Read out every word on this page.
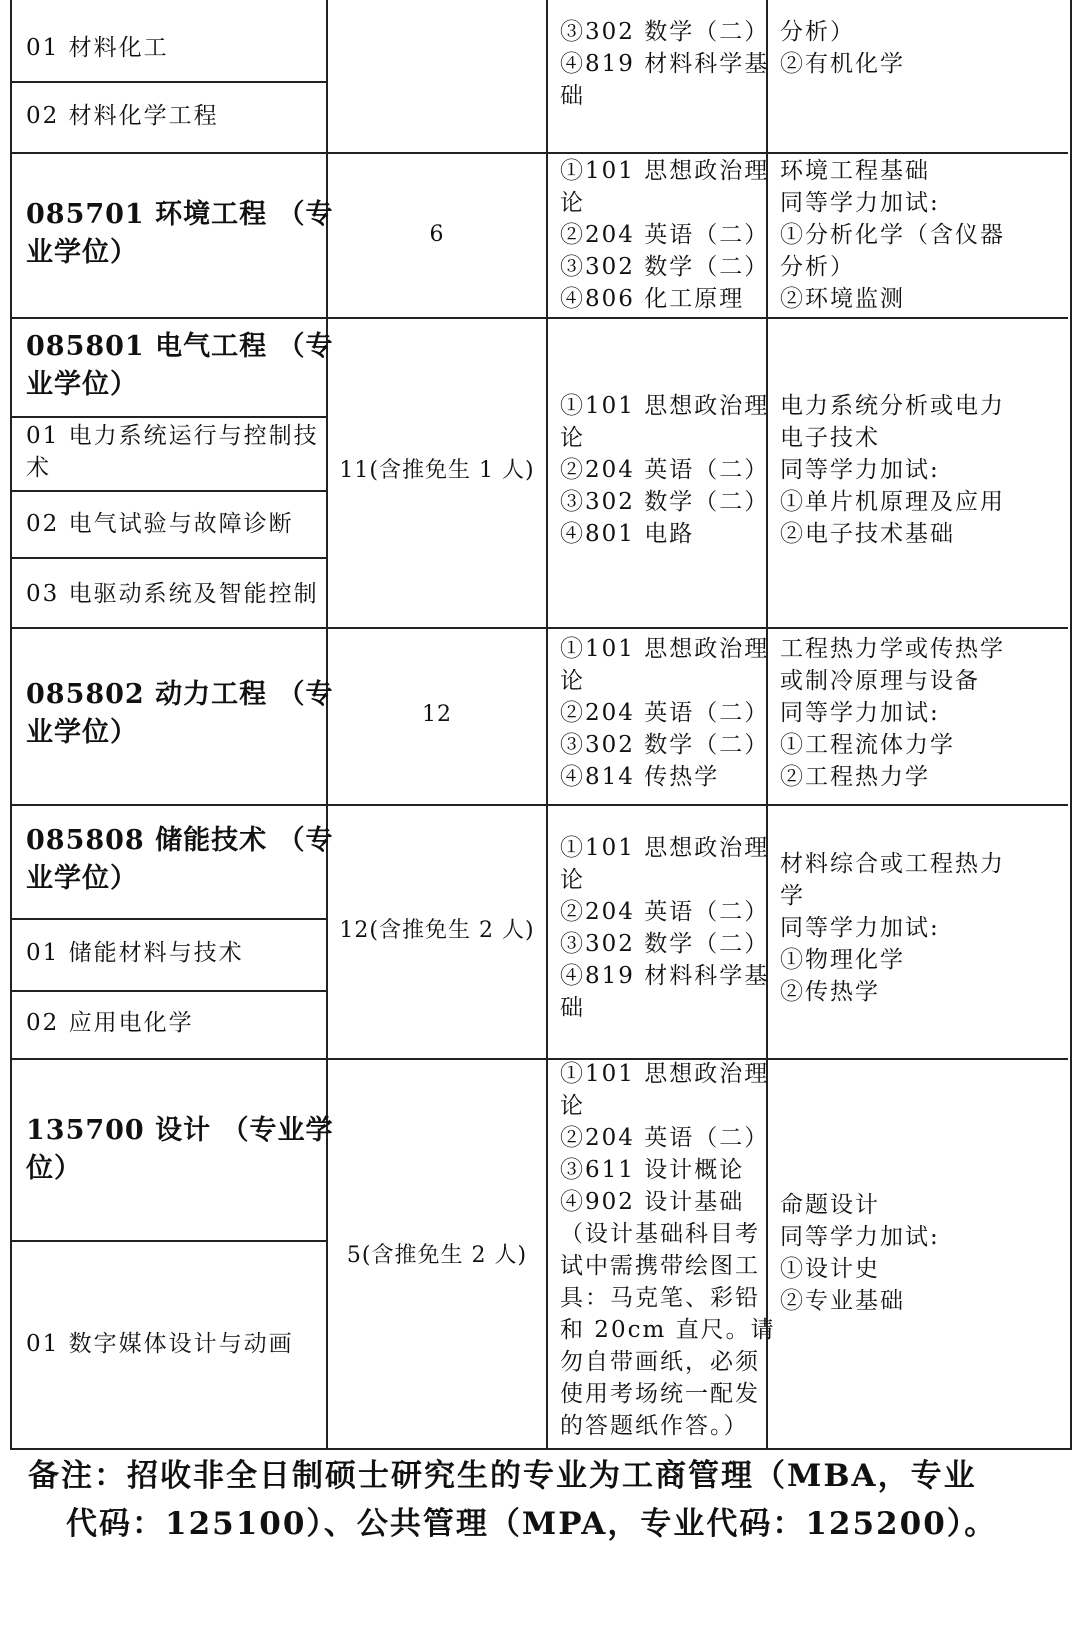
01 材料化工
02 材料化学工程
③302 数学（二）
④819 材料科学基
础
分析）
②有机化学
085701 环境工程 （专
业学位）
6
①101 思想政治理
论
②204 英语（二）
③302 数学（二）
④806 化工原理
环境工程基础
同等学力加试:
①分析化学（含仪器
分析）
②环境监测
085801 电气工程 （专
业学位）
01 电力系统运行与控制技
术
02 电气试验与故障诊断
03 电驱动系统及智能控制
11(含推免生 1 人)
①101 思想政治理
论
②204 英语（二）
③302 数学（二）
④801 电路
电力系统分析或电力
电子技术
同等学力加试:
①单片机原理及应用
②电子技术基础
085802 动力工程 （专
业学位）
12
①101 思想政治理
论
②204 英语（二）
③302 数学（二）
④814 传热学
工程热力学或传热学
或制冷原理与设备
同等学力加试:
①工程流体力学
②工程热力学
085808 储能技术 （专
业学位）
01 储能材料与技术
02 应用电化学
12(含推免生 2 人)
①101 思想政治理
论
②204 英语（二）
③302 数学（二）
④819 材料科学基
础
材料综合或工程热力
学
同等学力加试:
①物理化学
②传热学
135700 设计 （专业学
位）
01 数字媒体设计与动画
5(含推免生 2 人)
①101 思想政治理
论
②204 英语（二）
③611 设计概论
④902 设计基础
（设计基础科目考
试中需携带绘图工
具：马克笔、彩铅
和 20cm 直尺。请
勿自带画纸，必须
使用考场统一配发
的答题纸作答。）
命题设计
同等学力加试:
①设计史
②专业基础
备注：招收非全日制硕士研究生的专业为工商管理（MBA，专业
代码：125100）、公共管理（MPA，专业代码：125200）。
